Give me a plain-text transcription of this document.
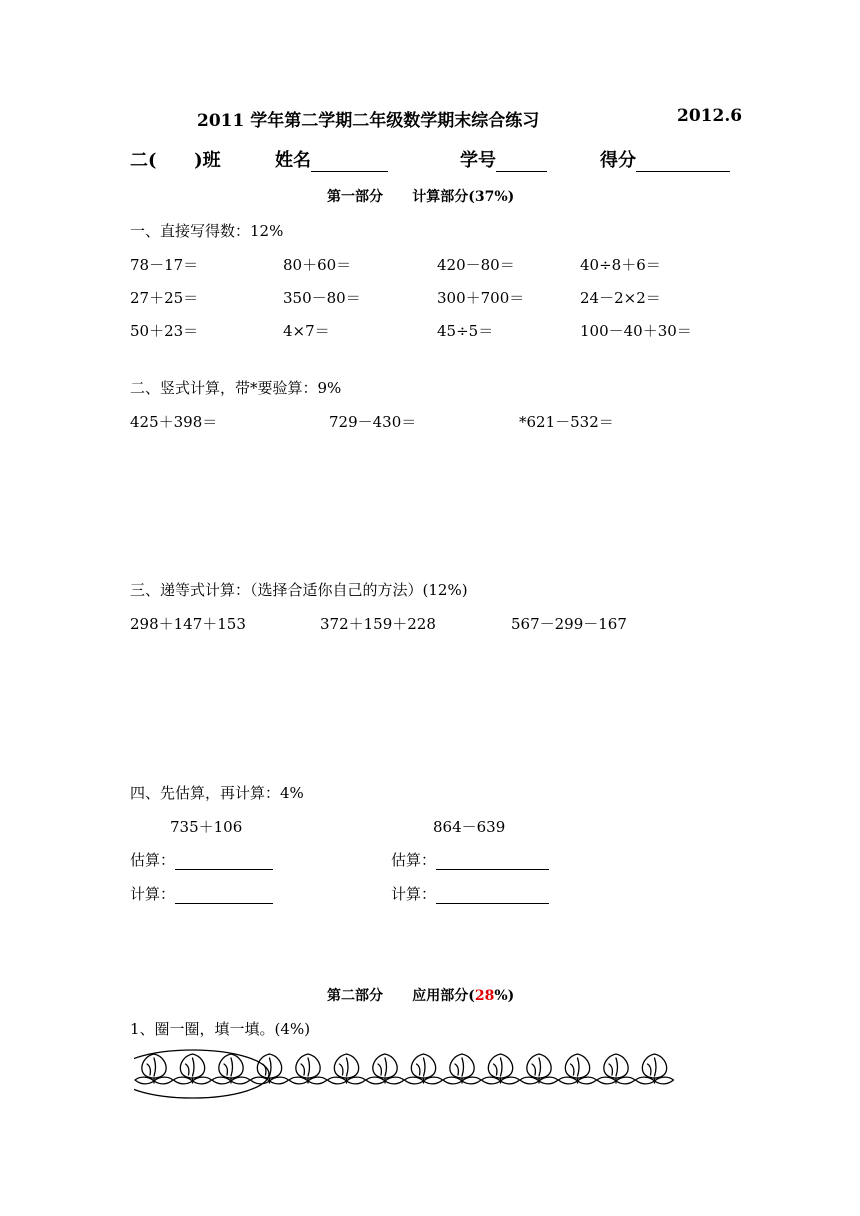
2011 学年第二学期二年级数学期末综合练习	2012.6
二(      )班	姓名	学号	得分
第一部分      计算部分(37%)
一、直接写得数：12%
78－17＝	80＋60＝	420－80＝	40÷8＋6＝
27＋25＝	350－80＝	300＋700＝	24－2×2＝
50＋23＝	4×7＝	45÷5＝	100－40＋30＝
二、竖式计算，带*要验算：9%
425＋398＝	729－430＝	*621－532＝
三、递等式计算：（选择合适你自己的方法）(12%)
298＋147＋153	372＋159＋228	567－299－167
四、先估算，再计算：4%
735＋106	864－639
估算：	估算：
计算：	计算：
第二部分      应用部分(28%)
1、圈一圈，填一填。(4%)
